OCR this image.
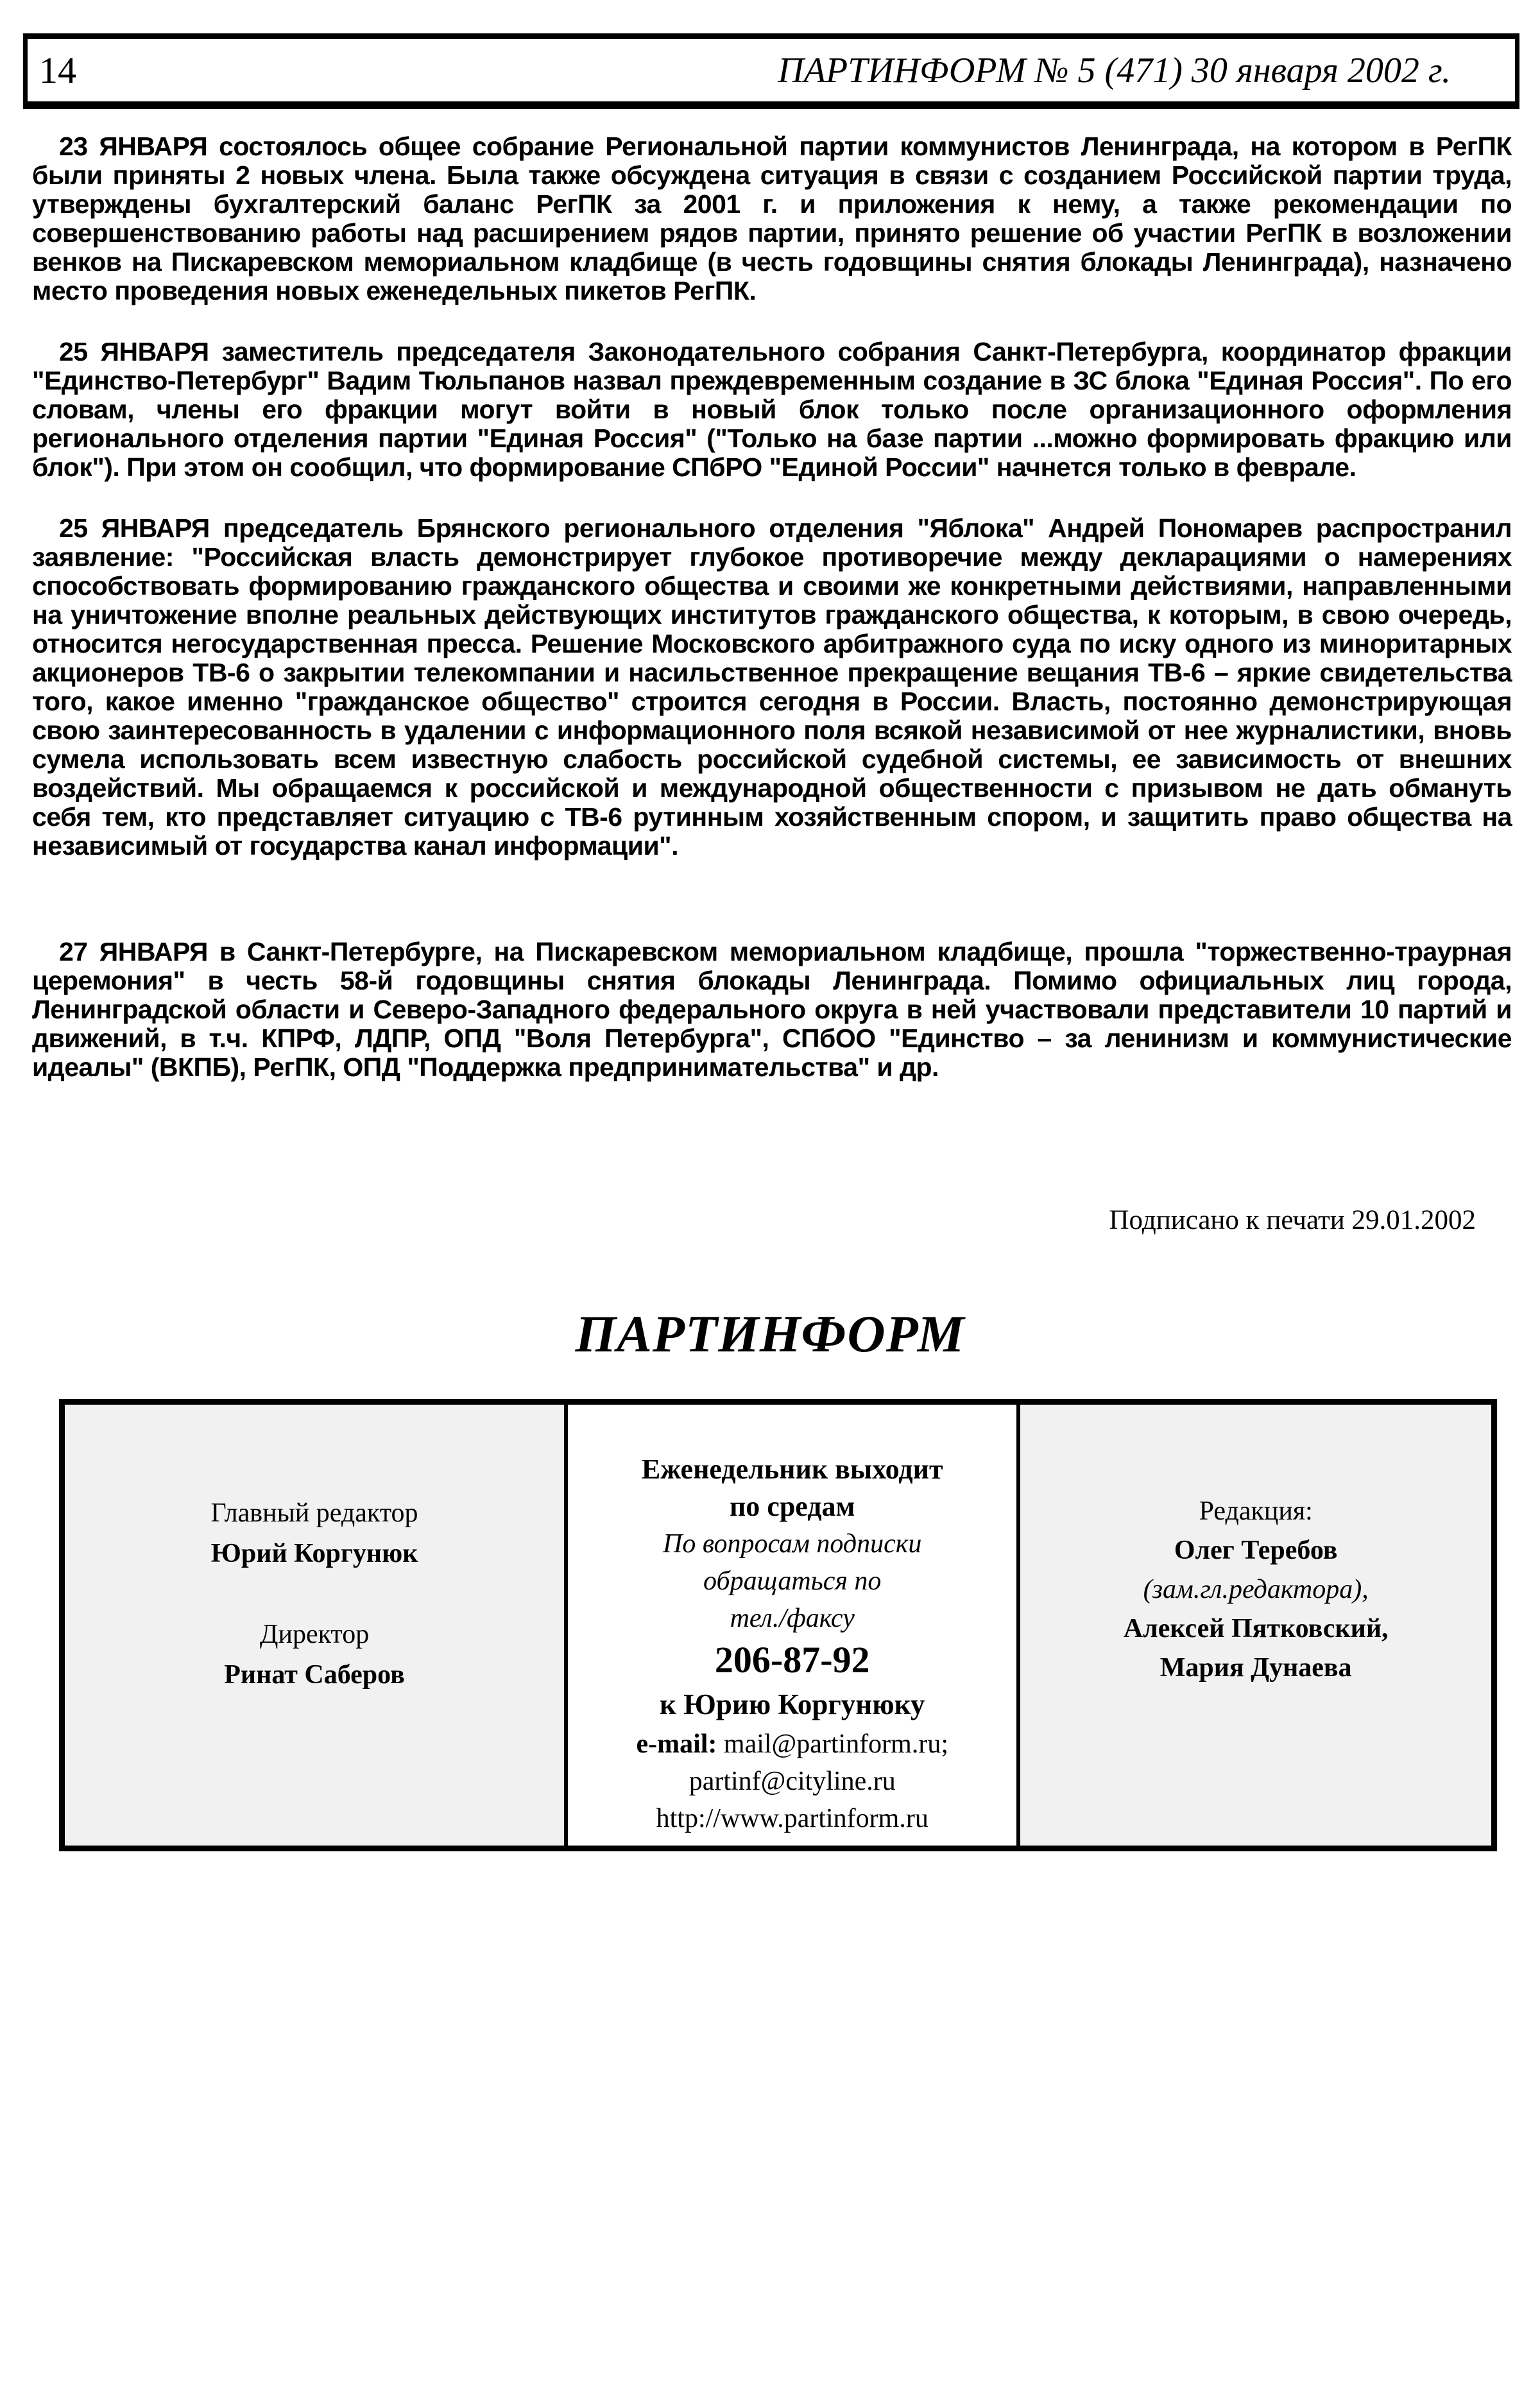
14	ПАРТИНФОРМ № 5 (471) 30 января 2002 г.

23 ЯНВАРЯ состоялось общее собрание Региональной партии коммунистов Ленинграда, на котором в РегПК были приняты 2 новых члена. Была также обсуждена ситуация в связи с созданием Российской партии труда, утверждены бухгалтерский баланс РегПК за 2001 г. и приложения к нему, а также рекомендации по совершенствованию работы над расширением рядов партии, принято решение об участии РегПК в возложении венков на Пискаревском мемориальном кладбище (в честь годовщины снятия блокады Ленинграда), назначено место проведения новых еженедельных пикетов РегПК.

25 ЯНВАРЯ заместитель председателя Законодательного собрания Санкт-Петербурга, координатор фракции "Единство-Петербург" Вадим Тюльпанов назвал преждевременным создание в ЗС блока "Единая Россия". По его словам, члены его фракции могут войти в новый блок только после организационного оформления регионального отделения партии "Единая Россия" ("Только на базе партии ...можно формировать фракцию или блок"). При этом он сообщил, что формирование СПбРО "Единой России" начнется только в феврале.

25 ЯНВАРЯ председатель Брянского регионального отделения "Яблока" Андрей Пономарев распространил заявление: "Российская власть демонстрирует глубокое противоречие между декларациями о намерениях способствовать формированию гражданского общества и своими же конкретными действиями, направленными на уничтожение вполне реальных действующих институтов гражданского общества, к которым, в свою очередь, относится негосударственная пресса. Решение Московского арбитражного суда по иску одного из миноритарных акционеров ТВ-6 о закрытии телекомпании и насильственное прекращение вещания ТВ-6 – яркие свидетельства того, какое именно "гражданское общество" строится сегодня в России. Власть, постоянно демонстрирующая свою заинтересованность в удалении с информационного поля всякой независимой от нее журналистики, вновь сумела использовать всем известную слабость российской судебной системы, ее зависимость от внешних воздействий. Мы обращаемся к российской и международной общественности с призывом не дать обмануть себя тем, кто представляет ситуацию с ТВ-6 рутинным хозяйственным спором, и защитить право общества на независимый от государства канал информации".

27 ЯНВАРЯ в Санкт-Петербурге, на Пискаревском мемориальном кладбище, прошла "торжественно-траурная церемония" в честь 58-й годовщины снятия блокады Ленинграда. Помимо официальных лиц города, Ленинградской области и Северо-Западного федерального округа в ней участвовали представители 10 партий и движений, в т.ч. КПРФ, ЛДПР, ОПД "Воля Петербурга", СПбОО "Единство – за ленинизм и коммунистические идеалы" (ВКПБ), РегПК, ОПД "Поддержка предпринимательства" и др.

Подписано к печати 29.01.2002
ПАРТИНФОРМ
Главный редактор
Юрий Коргунюк
Директор
Ринат Саберов
Еженедельник выходит
по средам
По вопросам подписки
обращаться по
тел./факсу
206-87-92
к Юрию Коргунюку
e-mail: mail@partinform.ru;
partinf@cityline.ru
http://www.partinform.ru
Редакция:
Олег Теребов
(зам.гл.редактора),
Алексей Пятковский,
Мария Дунаева
